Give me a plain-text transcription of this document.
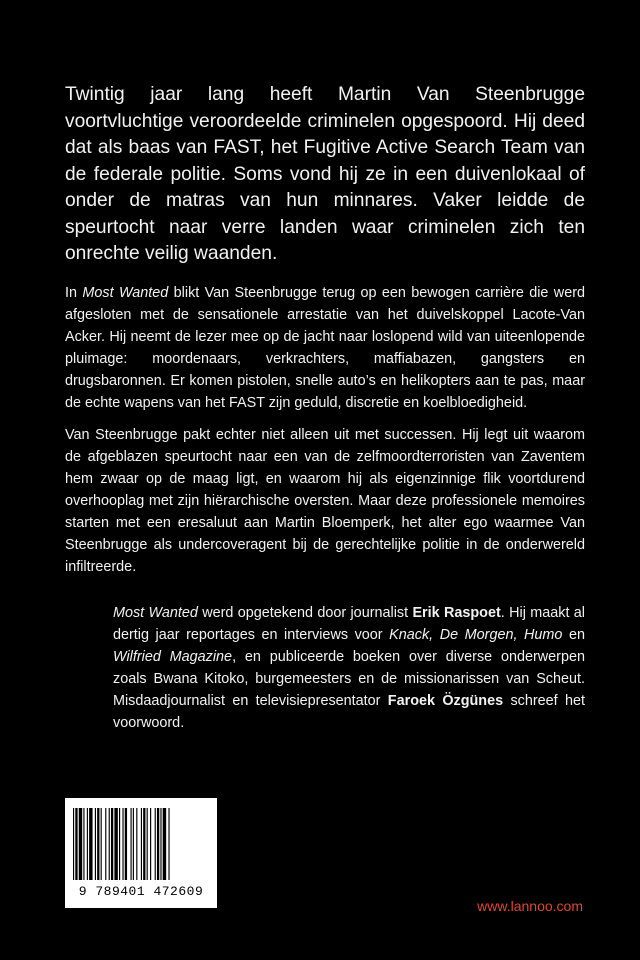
Twintig jaar lang heeft Martin Van Steenbrugge voortvluchtige veroordeelde criminelen opgespoord. Hij deed dat als baas van FAST, het Fugitive Active Search Team van de federale politie. Soms vond hij ze in een duivenlokaal of onder de matras van hun minnares. Vaker leidde de speurtocht naar verre landen waar criminelen zich ten onrechte veilig waanden.

In Most Wanted blikt Van Steenbrugge terug op een bewogen carrière die werd afgesloten met de sensationele arrestatie van het duivelskoppel Lacote-Van Acker. Hij neemt de lezer mee op de jacht naar loslopend wild van uiteenlopende pluimage: moordenaars, verkrachters, maffiabazen, gangsters en drugsbaronnen. Er komen pistolen, snelle auto’s en helikopters aan te pas, maar de echte wapens van het FAST zijn geduld, discretie en koelbloedigheid.

Van Steenbrugge pakt echter niet alleen uit met successen. Hij legt uit waarom de afgeblazen speurtocht naar een van de zelfmoordterroristen van Zaventem hem zwaar op de maag ligt, en waarom hij als eigenzinnige flik voortdurend overhooplag met zijn hiërarchische oversten. Maar deze professionele memoires starten met een eresaluut aan Martin Bloemperk, het alter ego waarmee Van Steenbrugge als undercoveragent bij de gerechtelijke politie in de onderwereld infiltreerde.

Most Wanted werd opgetekend door journalist Erik Raspoet. Hij maakt al dertig jaar reportages en interviews voor Knack, De Morgen, Humo en Wilfried Magazine, en publiceerde boeken over diverse onderwerpen zoals Bwana Kitoko, burgemeesters en de missionarissen van Scheut. Misdaadjournalist en televisiepresentator Faroek Özgünes schreef het voorwoord.

9 789401 472609
www.lannoo.com
